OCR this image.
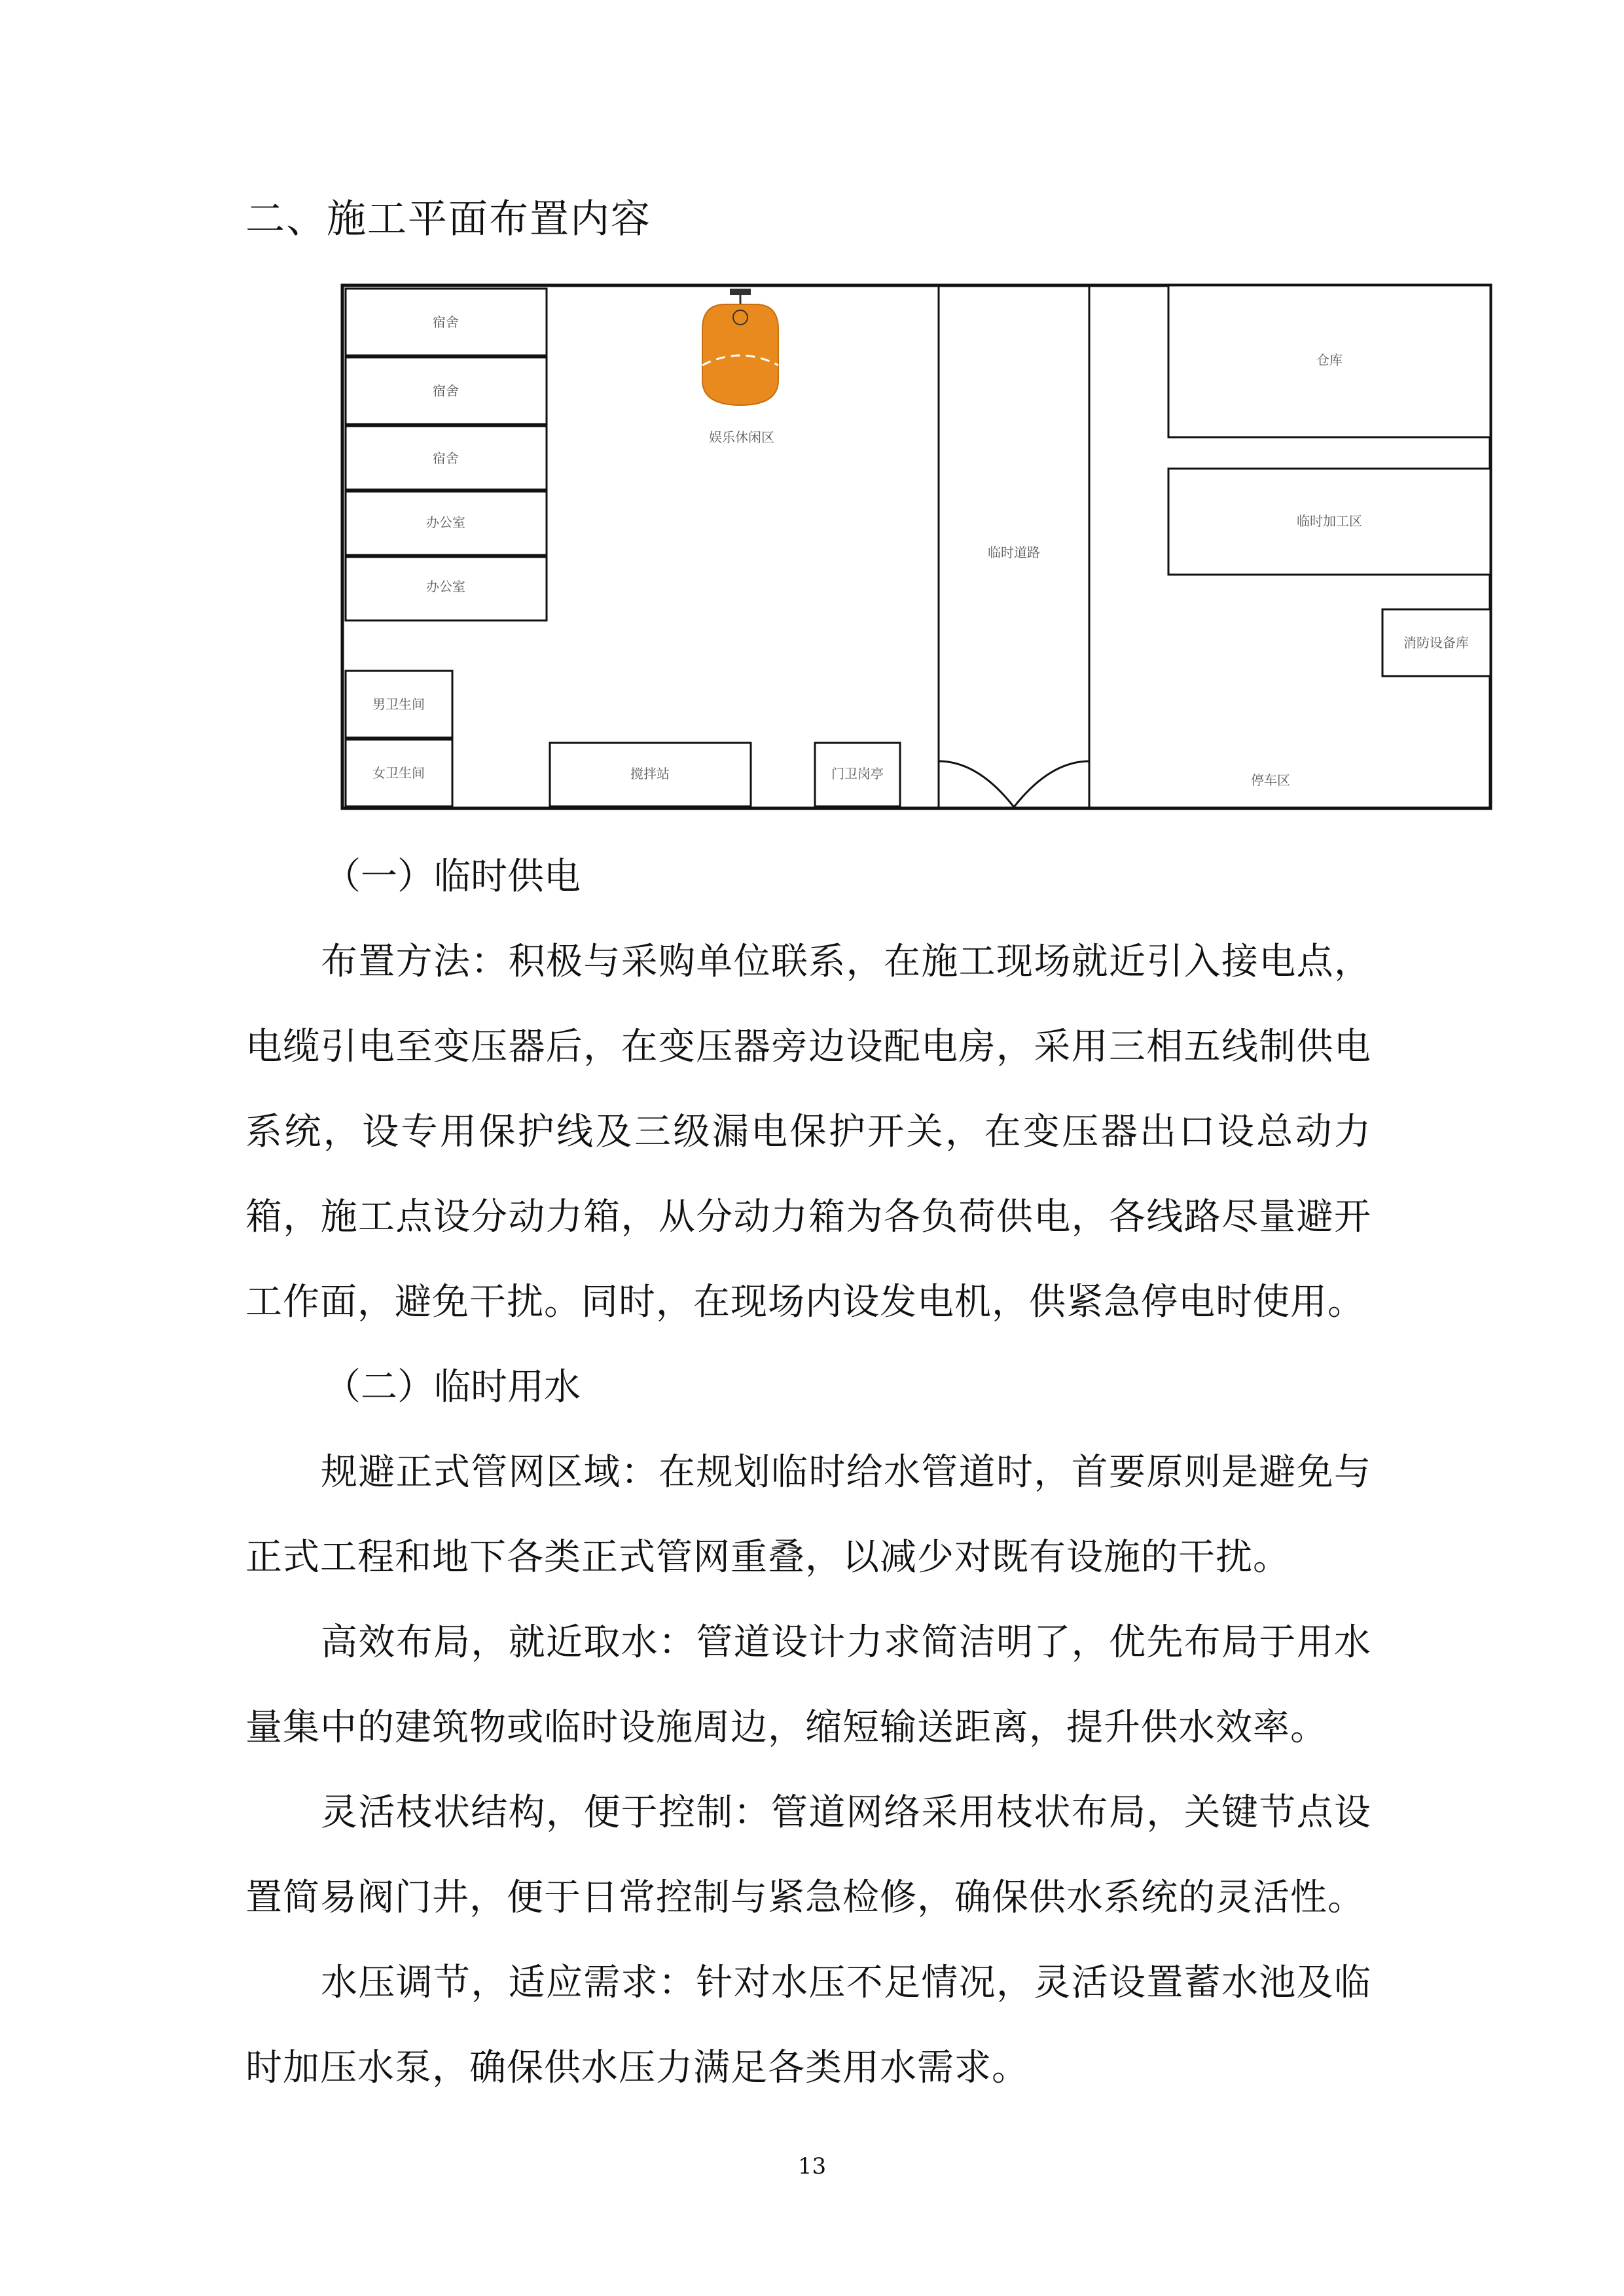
二、施工平面布置内容
宿舍
宿舍
宿舍
办公室
办公室
男卫生间
女卫生间	搅拌站	门卫岗亭
娱乐休闲区
临时道路
仓库
临时加工区
消防设备库
停车区
（一）临时供电

布置方法：积极与采购单位联系，在施工现场就近引入接电点，电缆引电至变压器后，在变压器旁边设配电房，采用三相五线制供电系统，设专用保护线及三级漏电保护开关，在变压器出口设总动力箱，施工点设分动力箱，从分动力箱为各负荷供电，各线路尽量避开工作面，避免干扰。同时，在现场内设发电机，供紧急停电时使用。

（二）临时用水

规避正式管网区域：在规划临时给水管道时，首要原则是避免与正式工程和地下各类正式管网重叠，以减少对既有设施的干扰。

高效布局，就近取水：管道设计力求简洁明了，优先布局于用水量集中的建筑物或临时设施周边，缩短输送距离，提升供水效率。

灵活枝状结构，便于控制：管道网络采用枝状布局，关键节点设置简易阀门井，便于日常控制与紧急检修，确保供水系统的灵活性。

水压调节，适应需求：针对水压不足情况，灵活设置蓄水池及临时加压水泵，确保供水压力满足各类用水需求。

13
